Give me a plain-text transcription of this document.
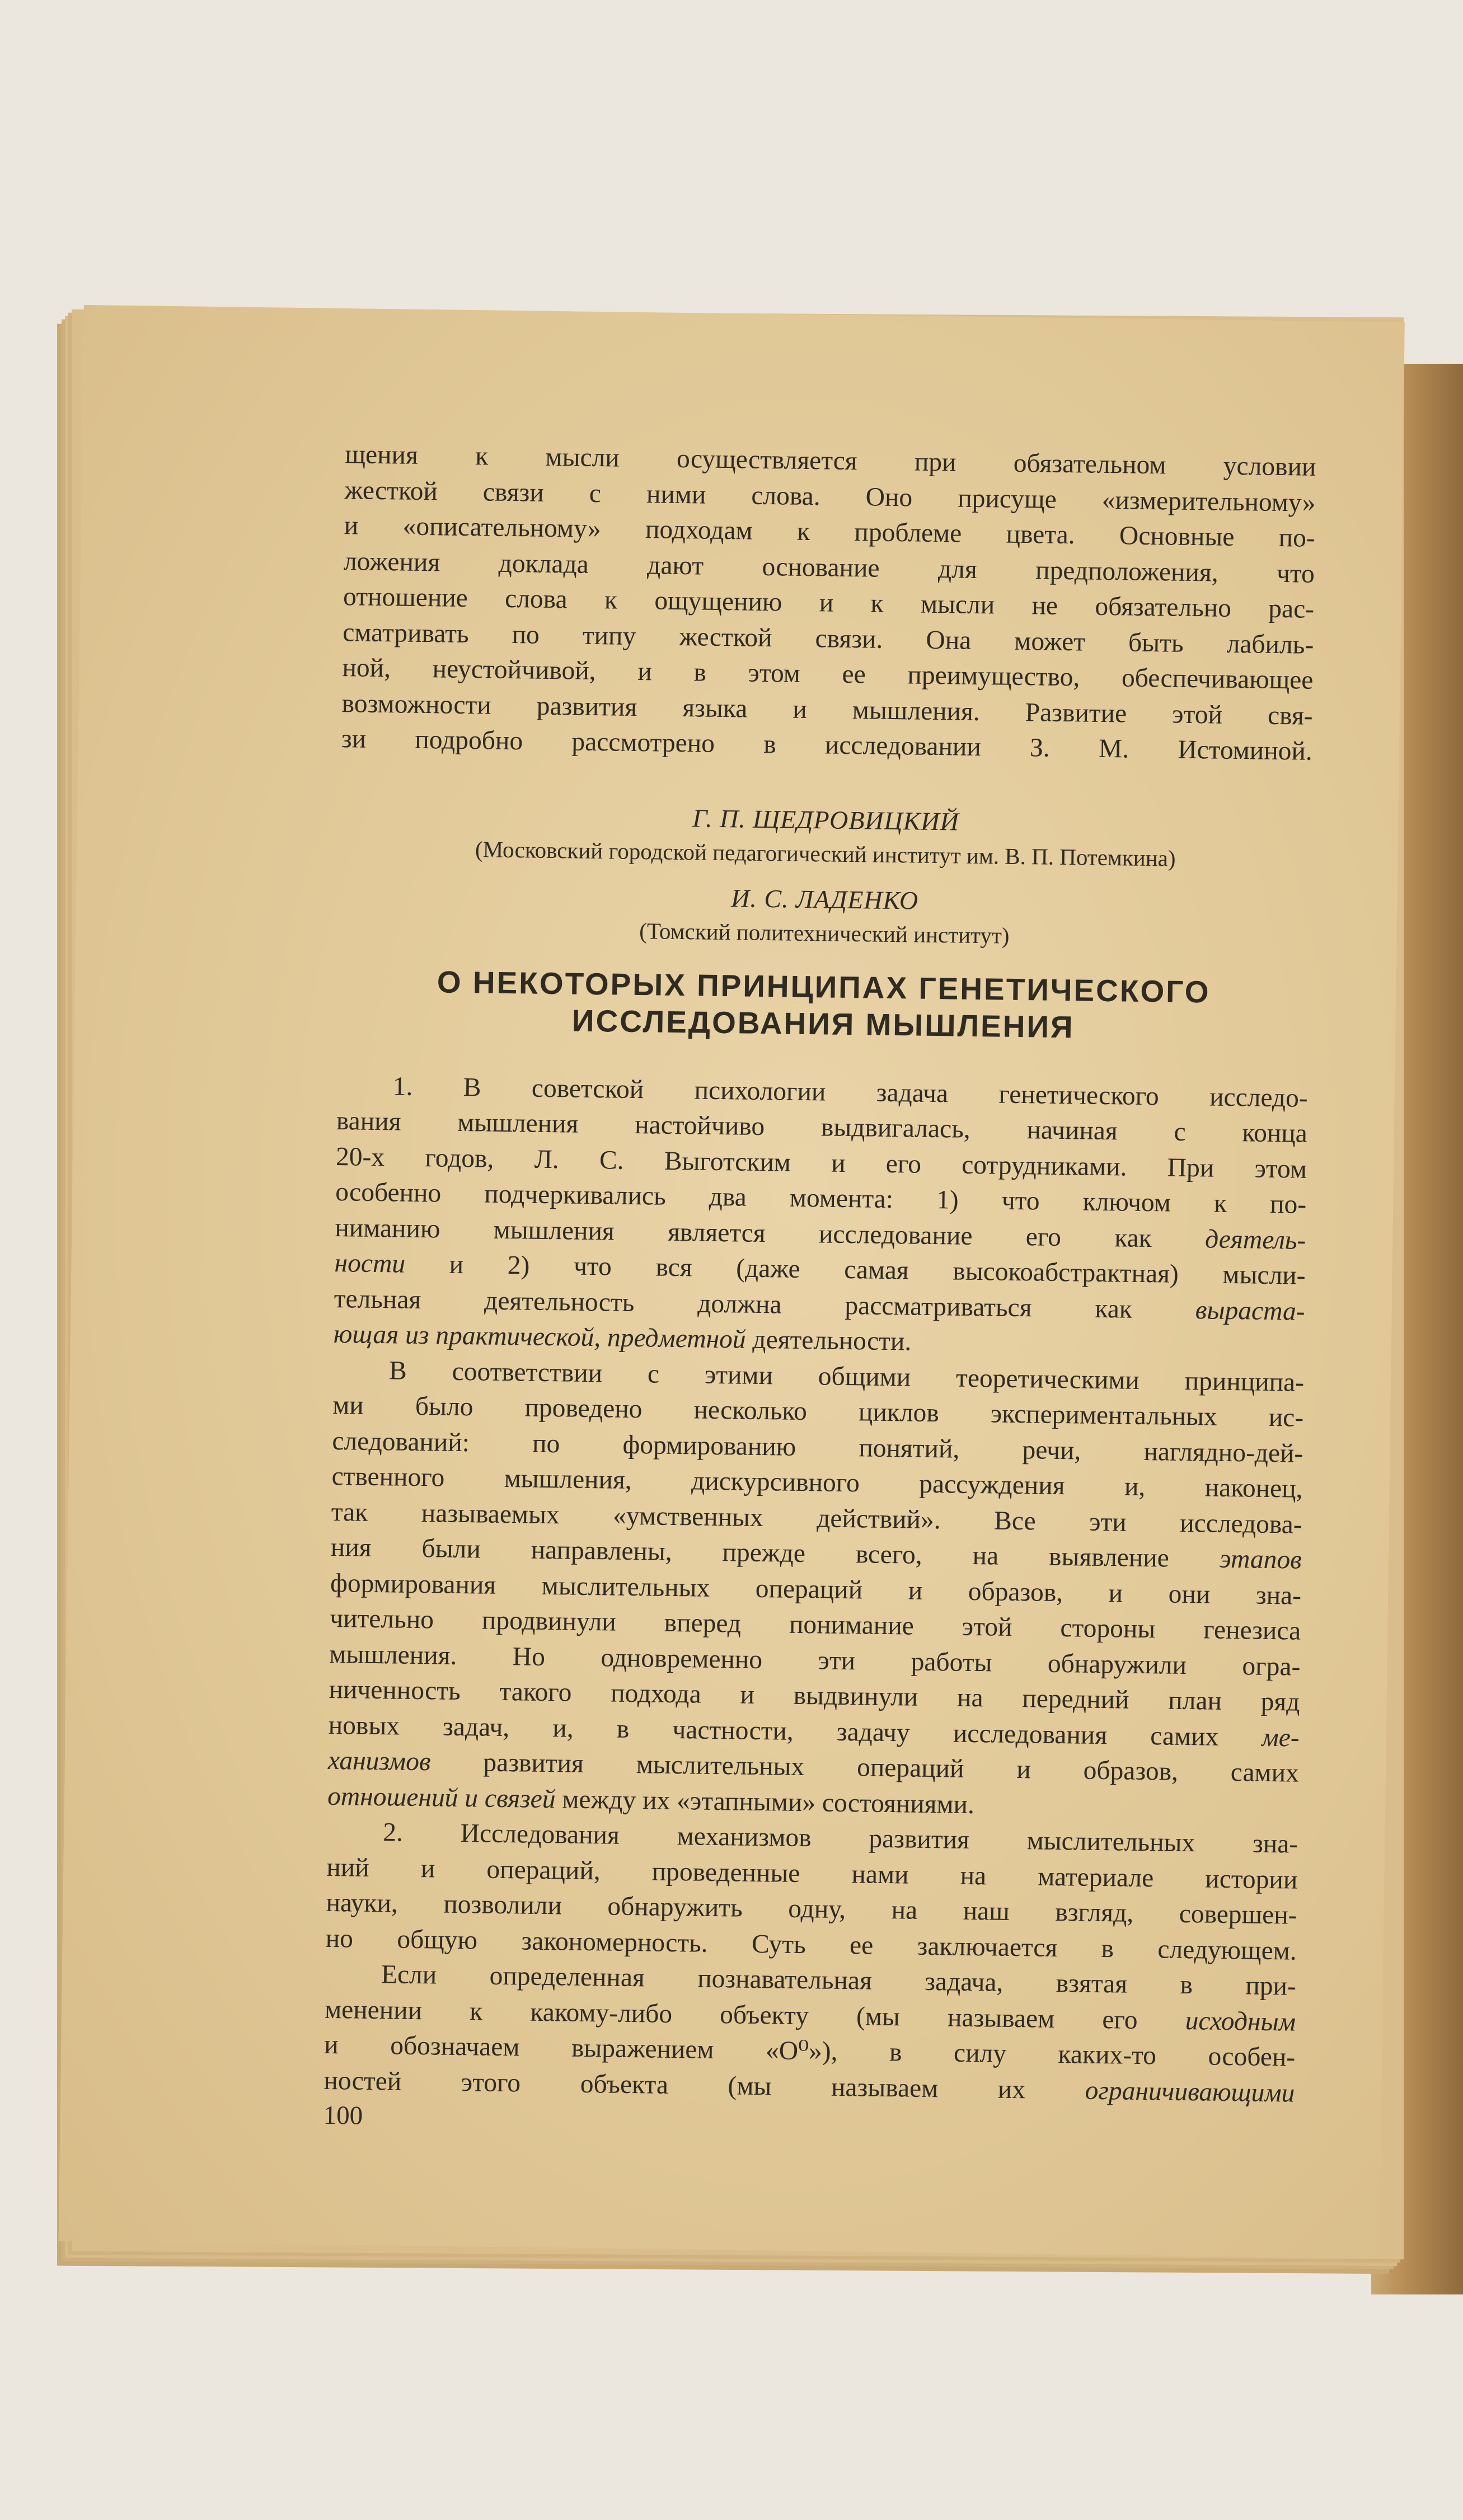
щения к мысли осуществляется при обязательном условии

жесткой связи с ними слова. Оно присуще «измерительному»

и «описательному» подходам к проблеме цвета. Основные по-

ложения доклада дают основание для предположения, что

отношение слова к ощущению и к мысли не обязательно рас-

сматривать по типу жесткой связи. Она может быть лабиль-

ной, неустойчивой, и в этом ее преимущество, обеспечивающее

возможности развития языка и мышления. Развитие этой свя-

зи подробно рассмотрено в исследовании З. М. Истоминой.

Г. П. ЩЕДРОВИЦКИЙ

(Московский городской педагогический институт им. В. П. Потемкина)

И. С. ЛАДЕНКО

(Томский политехнический институт)

О НЕКОТОРЫХ ПРИНЦИПАХ ГЕНЕТИЧЕСКОГО

ИССЛЕДОВАНИЯ МЫШЛЕНИЯ

1. В советской психологии задача генетического исследо-

вания мышления настойчиво выдвигалась, начиная с конца

20-х годов, Л. С. Выготским и его сотрудниками. При этом

особенно подчеркивались два момента: 1) что ключом к по-

ниманию мышления является исследование его как деятель-

ности и 2) что вся (даже самая высокоабстрактная) мысли-

тельная деятельность должна рассматриваться как выраста-

ющая из практической, предметной деятельности.

В соответствии с этими общими теоретическими принципа-

ми было проведено несколько циклов экспериментальных ис-

следований: по формированию понятий, речи, наглядно-дей-

ственного мышления, дискурсивного рассуждения и, наконец,

так называемых «умственных действий». Все эти исследова-

ния были направлены, прежде всего, на выявление этапов

формирования мыслительных операций и образов, и они зна-

чительно продвинули вперед понимание этой стороны генезиса

мышления. Но одновременно эти работы обнаружили огра-

ниченность такого подхода и выдвинули на передний план ряд

новых задач, и, в частности, задачу исследования самих ме-

ханизмов развития мыслительных операций и образов, самих

отношений и связей между их «этапными» состояниями.

2. Исследования механизмов развития мыслительных зна-

ний и операций, проведенные нами на материале истории

науки, позволили обнаружить одну, на наш взгляд, совершен-

но общую закономерность. Суть ее заключается в следующем.

Если определенная познавательная задача, взятая в при-

менении к какому-либо объекту (мы называем его исходным

и обозначаем выражением «О⁰»), в силу каких-то особен-

ностей этого объекта (мы называем их ограничивающими

100
